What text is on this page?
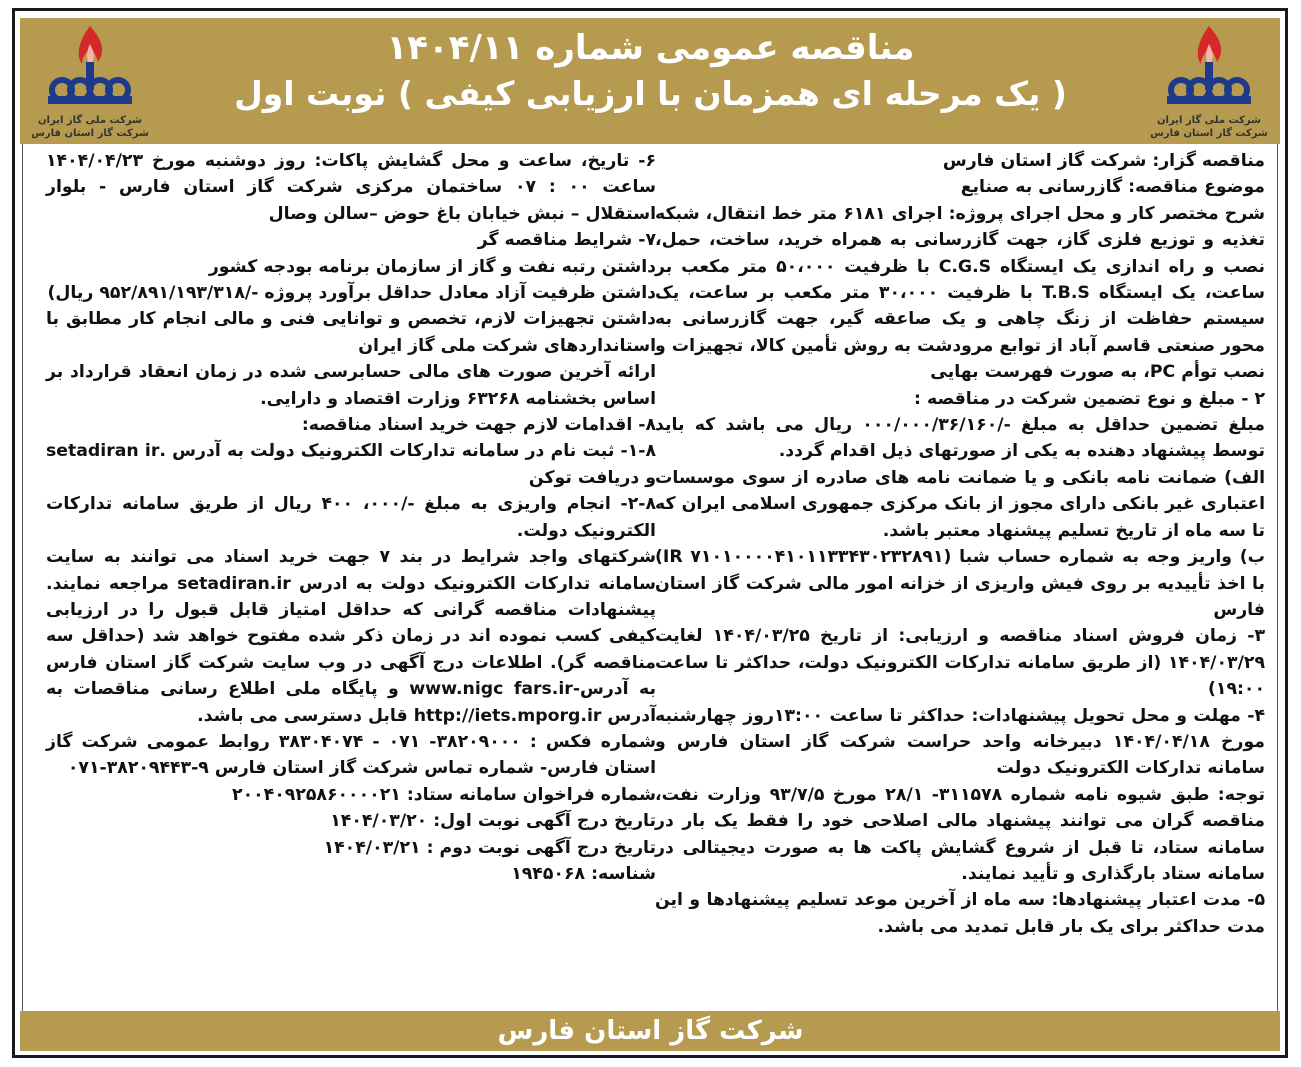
شرکت ملی گاز ایران
شرکت گاز استان فارس
شرکت ملی گاز ایران
شرکت گاز استان فارس
مناقصه عمومی شماره ۱۴۰۴/۱۱
( یک مرحله ای همزمان با ارزیابی کیفی ) نوبت اول

مناقصه گزار: شرکت گاز استان فارس

موضوع مناقصه: گازرسانی به صنایع

شرح مختصر کار و محل اجرای پروژه: اجرای ۶۱۸۱ متر خط انتقال، شبکه تغذیه و توزیع فلزی گاز، جهت گازرسانی به همراه خرید، ساخت، حمل، نصب و راه اندازی یک ایستگاه C.G.S با ظرفیت ۵۰،۰۰۰ متر مکعب بر ساعت، یک ایستگاه T.B.S با ظرفیت ۳۰،۰۰۰ متر مکعب بر ساعت، یک سیستم حفاظت از زنگ چاهی و یک صاعقه گیر، جهت گازرسانی به محور صنعتی قاسم آباد از توابع مرودشت به روش تأمین کالا، تجهیزات و نصب توأم PC، به صورت فهرست بهایی

۲ - مبلغ و نوع تضمین شرکت در مناقصه :

مبلغ تضمین حداقل به مبلغ -/۰۰۰/۰۰۰/۳۶/۱۶۰ ریال می باشد که باید توسط پیشنهاد دهنده به یکی از صورتهای ذیل اقدام گردد.

الف) ضمانت نامه بانکی و یا ضمانت نامه های صادره از سوی موسسات اعتباری غیر بانکی دارای مجوز از بانک مرکزی جمهوری اسلامی ایران که تا سه ماه از تاریخ تسلیم پیشنهاد معتبر باشد.

ب) واریز وجه به شماره حساب شبا (IR ۷۱۰۱۰۰۰۰۴۱۰۱۱۳۳۴۳۰۲۳۲۸۹۱) با اخذ تأییدیه بر روی فیش واریزی از خزانه امور مالی شرکت گاز استان فارس

۳- زمان فروش اسناد مناقصه و ارزیابی: از تاریخ ۱۴۰۴/۰۳/۲۵ لغایت ۱۴۰۴/۰۳/۲۹ (از طریق سامانه تدارکات الکترونیک دولت، حداکثر تا ساعت ۱۹:۰۰)

۴- مهلت و محل تحویل پیشنهادات: حداکثر تا ساعت ۱۳:۰۰روز چهارشنبه مورخ ۱۴۰۴/۰۴/۱۸ دبیرخانه واحد حراست شرکت گاز استان فارس و سامانه تدارکات الکترونیک دولت

توجه: طبق شیوه نامه شماره ۳۱۱۵۷۸- ۲۸/۱ مورخ ۹۳/۷/۵ وزارت نفت، مناقصه گران می توانند پیشنهاد مالی اصلاحی خود را فقط یک بار در سامانه ستاد، تا قبل از شروع گشایش پاکت ها به صورت دیجیتالی در سامانه ستاد بارگذاری و تأیید نمایند.

۵- مدت اعتبار پیشنهادها: سه ماه از آخرین موعد تسلیم پیشنهادها و این مدت حداکثر برای یک بار قابل تمدید می باشد.

۶- تاریخ، ساعت و محل گشایش پاکات: روز دوشنبه مورخ ۱۴۰۴/۰۴/۲۳ ساعت ۰۰ : ۰۷ ساختمان مرکزی شرکت گاز استان فارس - بلوار استقلال – نبش خیابان باغ حوض –سالن وصال

۷- شرایط مناقصه گر

داشتن رتبه نفت و گاز از سازمان برنامه بودجه کشور

داشتن ظرفیت آزاد معادل حداقل برآورد پروژه -/۹۵۲/۸۹۱/۱۹۳/۳۱۸ ریال)

داشتن تجهیزات لازم، تخصص و توانایی فنی و مالی انجام کار مطابق با استانداردهای شرکت ملی گاز ایران

ارائه آخرین صورت های مالی حسابرسی شده در زمان انعقاد قرارداد بر اساس بخشنامه ۶۳۲۶۸ وزارت اقتصاد و دارایی.

۸- اقدامات لازم جهت خرید اسناد مناقصه:

۱-۸- ثبت نام در سامانه تدارکات الکترونیک دولت به آدرس .setadiran ir و دریافت توکن

۲-۸- انجام واریزی به مبلغ -/۰۰۰، ۴۰۰ ریال از طریق سامانه تدارکات الکترونیک دولت.

شرکتهای واجد شرایط در بند ۷ جهت خرید اسناد می توانند به سایت سامانه تدارکات الکترونیک دولت به ادرس setadiran.ir مراجعه نمایند. پیشنهادات مناقصه گرانی که حداقل امتیاز قابل قبول را در ارزیابی کیفی کسب نموده اند در زمان ذکر شده مفتوح خواهد شد (حداقل سه مناقصه گر). اطلاعات درج آگهی در وب سایت شرکت گاز استان فارس به آدرس-www.nigc fars.ir و پایگاه ملی اطلاع رسانی مناقصات به آدرس http://iets.mporg.ir قابل دسترسی می باشد.

شماره فکس : ۳۸۲۰۹۰۰۰- ۰۷۱ - ۳۸۳۰۴۰۷۴ روابط عمومی شرکت گاز استان فارس- شماره تماس شرکت گاز استان فارس ۹-۳۸۲۰۹۴۴۳-۰۷۱

شماره فراخوان سامانه ستاد: ۲۰۰۴۰۹۲۵۸۶۰۰۰۰۲۱

تاریخ درج آگهی نوبت اول: ۱۴۰۴/۰۳/۲۰

تاریخ درج آگهی نوبت دوم : ۱۴۰۴/۰۳/۲۱

شناسه: ۱۹۴۵۰۶۸

شرکت گاز استان فارس
